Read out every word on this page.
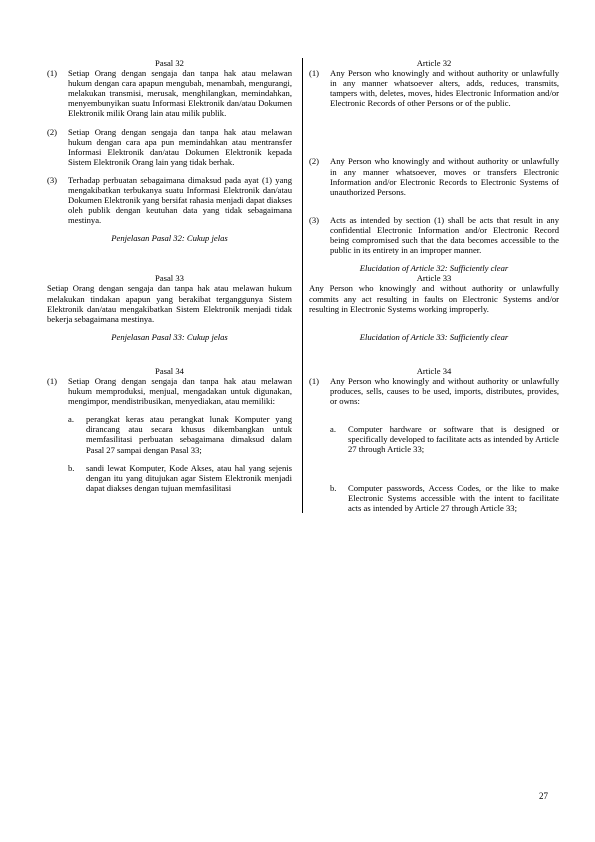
Pasal 32

(1)	Setiap Orang dengan sengaja dan tanpa hak atau melawan hukum dengan cara apapun mengubah, menambah, mengurangi, melakukan transmisi, merusak, menghilangkan, memindahkan, menyembunyikan suatu Informasi Elektronik dan/atau Dokumen Elektronik milik Orang lain atau milik publik.
(2)	Setiap Orang dengan sengaja dan tanpa hak atau melawan hukum dengan cara apa pun memindahkan atau mentransfer Informasi Elektronik dan/atau Dokumen Elektronik kepada Sistem Elektronik Orang lain yang tidak berhak.
(3)	Terhadap perbuatan sebagaimana dimaksud pada ayat (1) yang mengakibatkan terbukanya suatu Informasi Elektronik dan/atau Dokumen Elektronik yang bersifat rahasia menjadi dapat diakses oleh publik dengan keutuhan data yang tidak sebagaimana mestinya.

Penjelasan Pasal 32: Cukup jelas

Article 32

(1)	Any Person who knowingly and without authority or unlawfully in any manner whatsoever alters, adds, reduces, transmits, tampers with, deletes, moves, hides Electronic Information and/or Electronic Records of other Persons or of the public.
(2)	Any Person who knowingly and without authority or unlawfully in any manner whatsoever, moves or transfers Electronic Information and/or Electronic Records to Electronic Systems of unauthorized Persons.
(3)	Acts as intended by section (1) shall be acts that result in any confidential Electronic Information and/or Electronic Record being compromised such that the data becomes accessible to the public in its entirety in an improper manner.

Elucidation of Article 32: Sufficiently clear

Pasal 33

Setiap Orang dengan sengaja dan tanpa hak atau melawan hukum melakukan tindakan apapun yang berakibat terganggunya Sistem Elektronik dan/atau mengakibatkan Sistem Elektronik menjadi tidak bekerja sebagaimana mestinya.

Penjelasan Pasal 33: Cukup jelas

Article 33

Any Person who knowingly and without authority or unlawfully commits any act resulting in faults on Electronic Systems and/or resulting in Electronic Systems working improperly.

Elucidation of Article 33: Sufficiently clear

Pasal 34

(1)	Setiap Orang dengan sengaja dan tanpa hak atau melawan hukum memproduksi, menjual, mengadakan untuk digunakan, mengimpor, mendistribusikan, menyediakan, atau memiliki:
a.	perangkat keras atau perangkat lunak Komputer yang dirancang atau secara khusus dikembangkan untuk memfasilitasi perbuatan sebagaimana dimaksud dalam Pasal 27 sampai dengan Pasal 33;
b.	sandi lewat Komputer, Kode Akses, atau hal yang sejenis dengan itu yang ditujukan agar Sistem Elektronik menjadi dapat diakses dengan tujuan memfasilitasi

Article 34

(1)	Any Person who knowingly and without authority or unlawfully produces, sells, causes to be used, imports, distributes, provides, or owns:
a.	Computer hardware or software that is designed or specifically developed to facilitate acts as intended by Article 27 through Article 33;
b.	Computer passwords, Access Codes, or the like to make Electronic Systems accessible with the intent to facilitate acts as intended by Article 27 through Article 33;
27
